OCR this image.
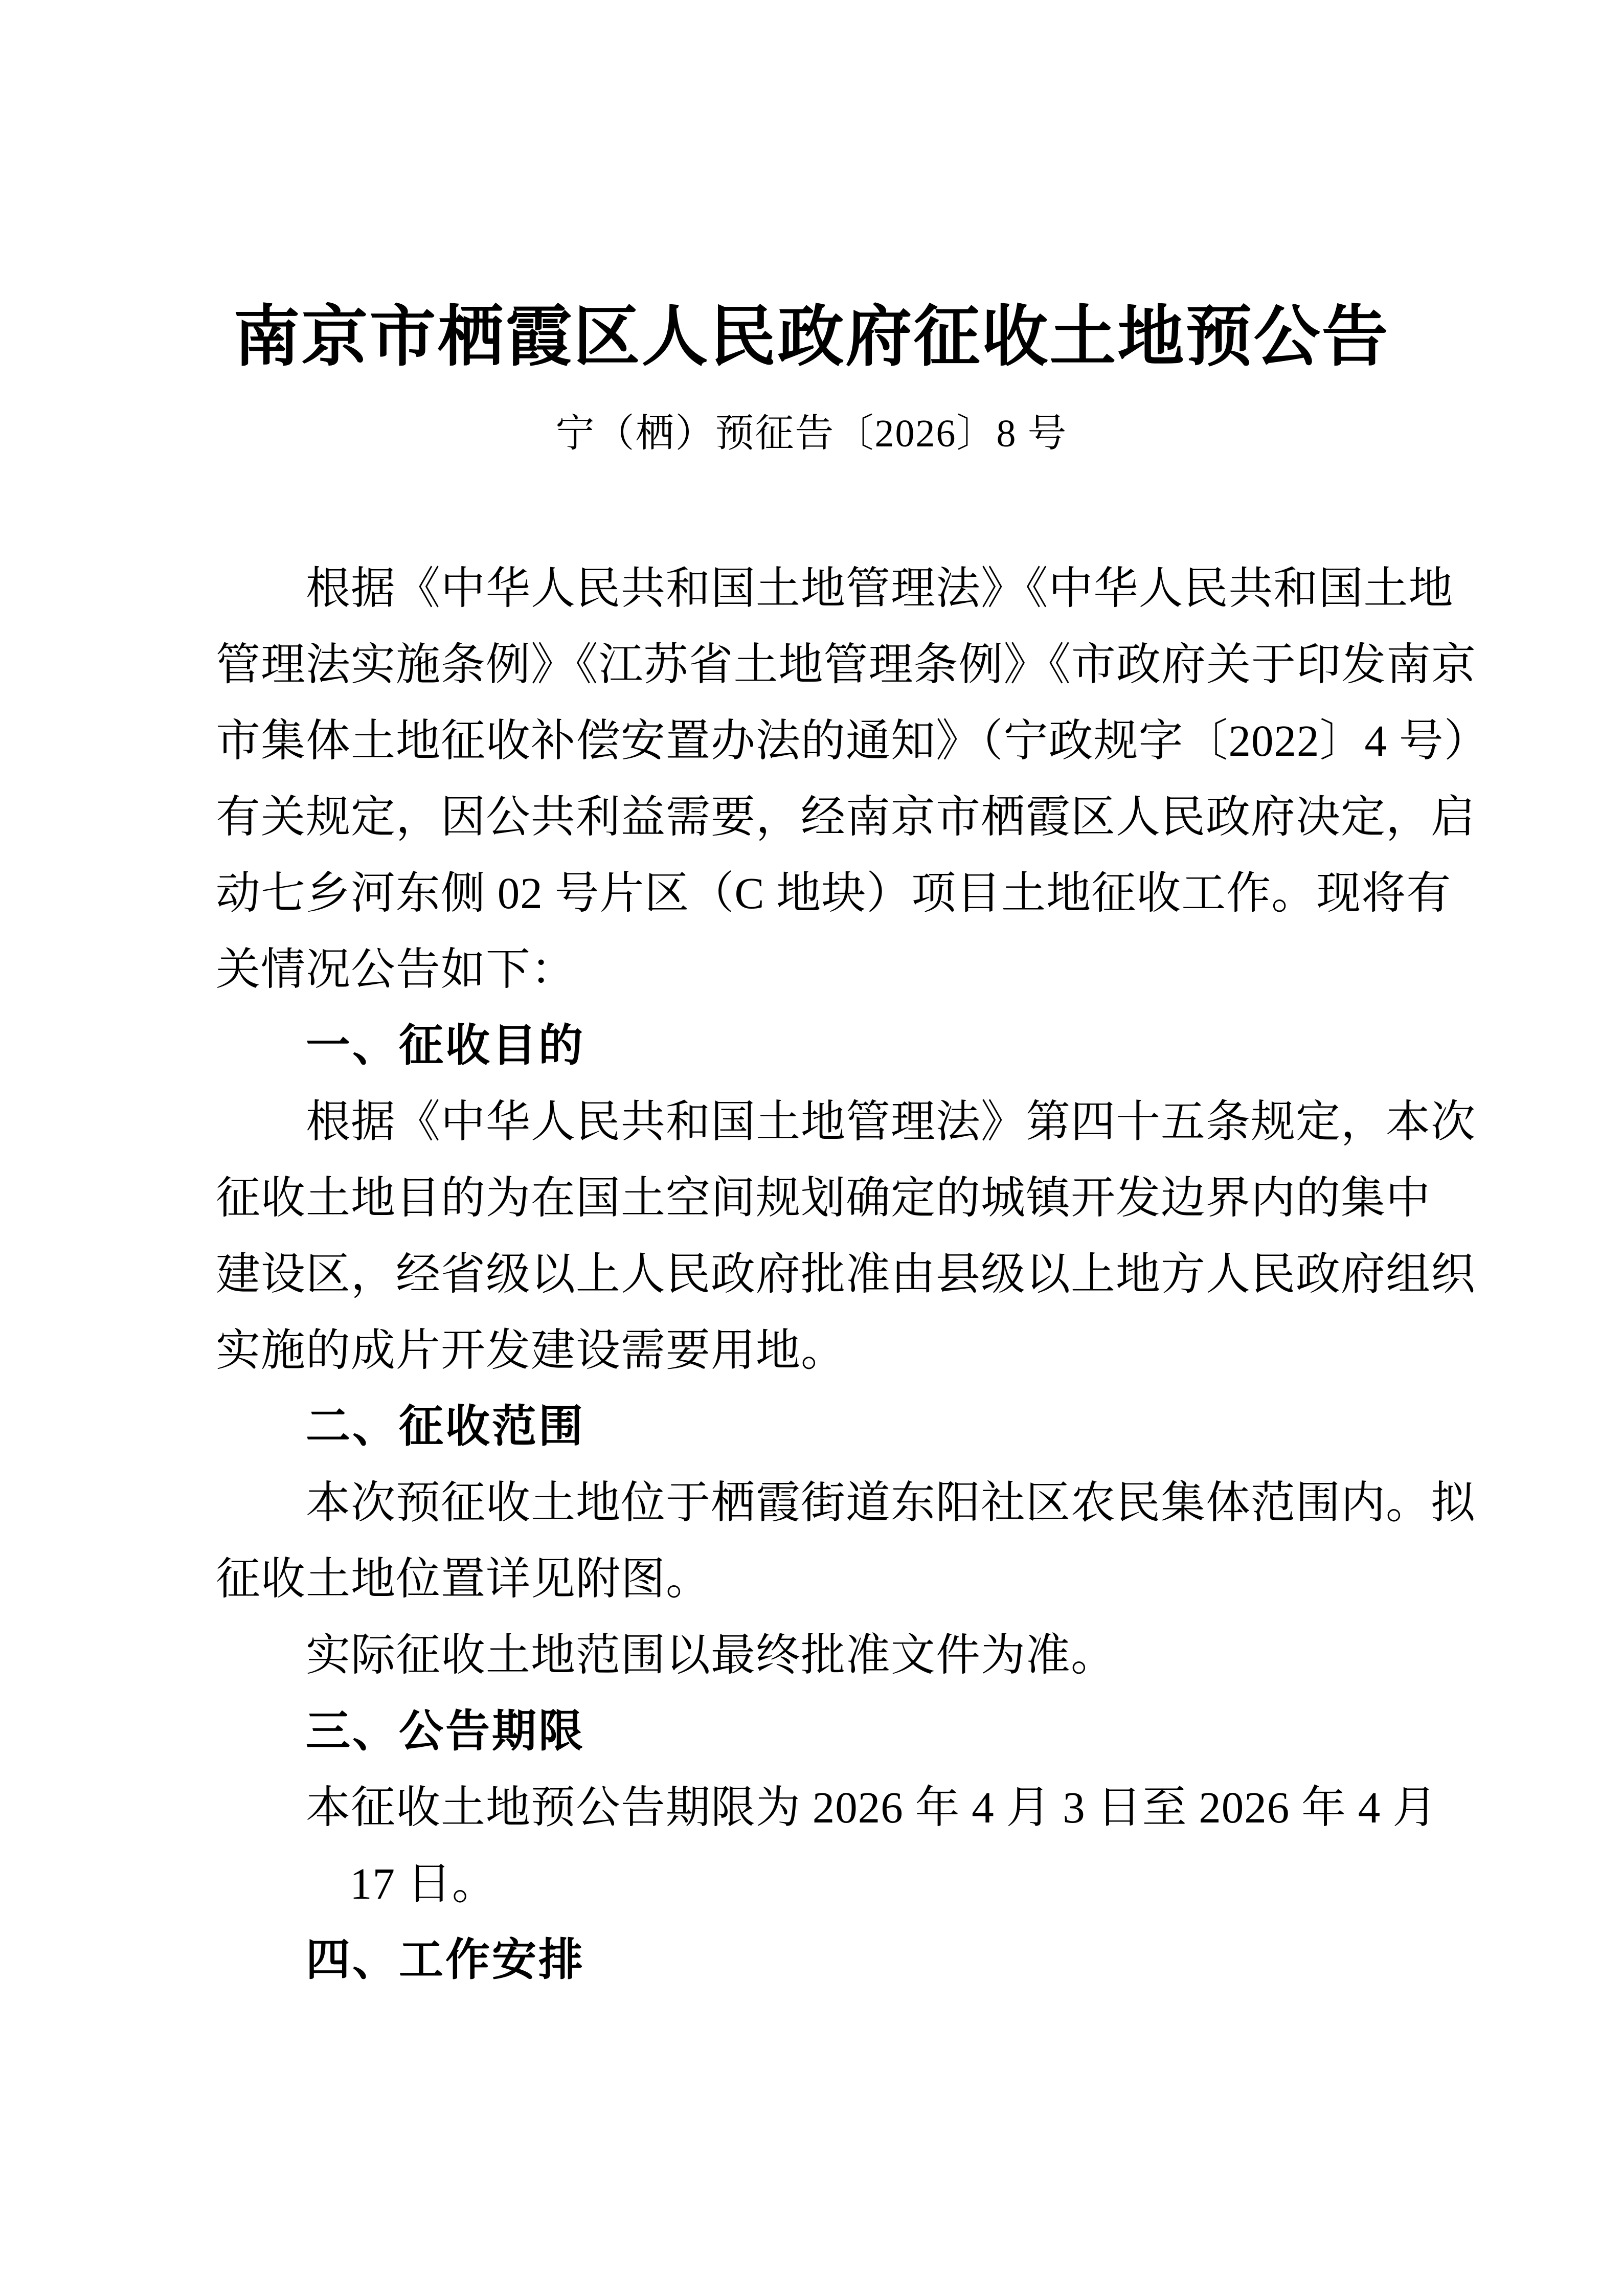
南京市栖霞区人民政府征收土地预公告
宁（栖）预征告〔2026〕8 号
根据《中华人民共和国土地管理法》《中华人民共和国土地
管理法实施条例》《江苏省土地管理条例》《市政府关于印发南京
市集体土地征收补偿安置办法的通知》（宁政规字〔2022〕4 号）
有关规定，因公共利益需要，经南京市栖霞区人民政府决定，启
动七乡河东侧 02 号片区（C 地块）项目土地征收工作。现将有
关情况公告如下：
一、征收目的
根据《中华人民共和国土地管理法》第四十五条规定，本次
征收土地目的为在国土空间规划确定的城镇开发边界内的集中
建设区，经省级以上人民政府批准由县级以上地方人民政府组织
实施的成片开发建设需要用地。
二、征收范围
本次预征收土地位于栖霞街道东阳社区农民集体范围内。拟
征收土地位置详见附图。
实际征收土地范围以最终批准文件为准。
三、公告期限
本征收土地预公告期限为 2026 年 4 月 3 日至 2026 年 4 月
17 日。
四、工作安排
